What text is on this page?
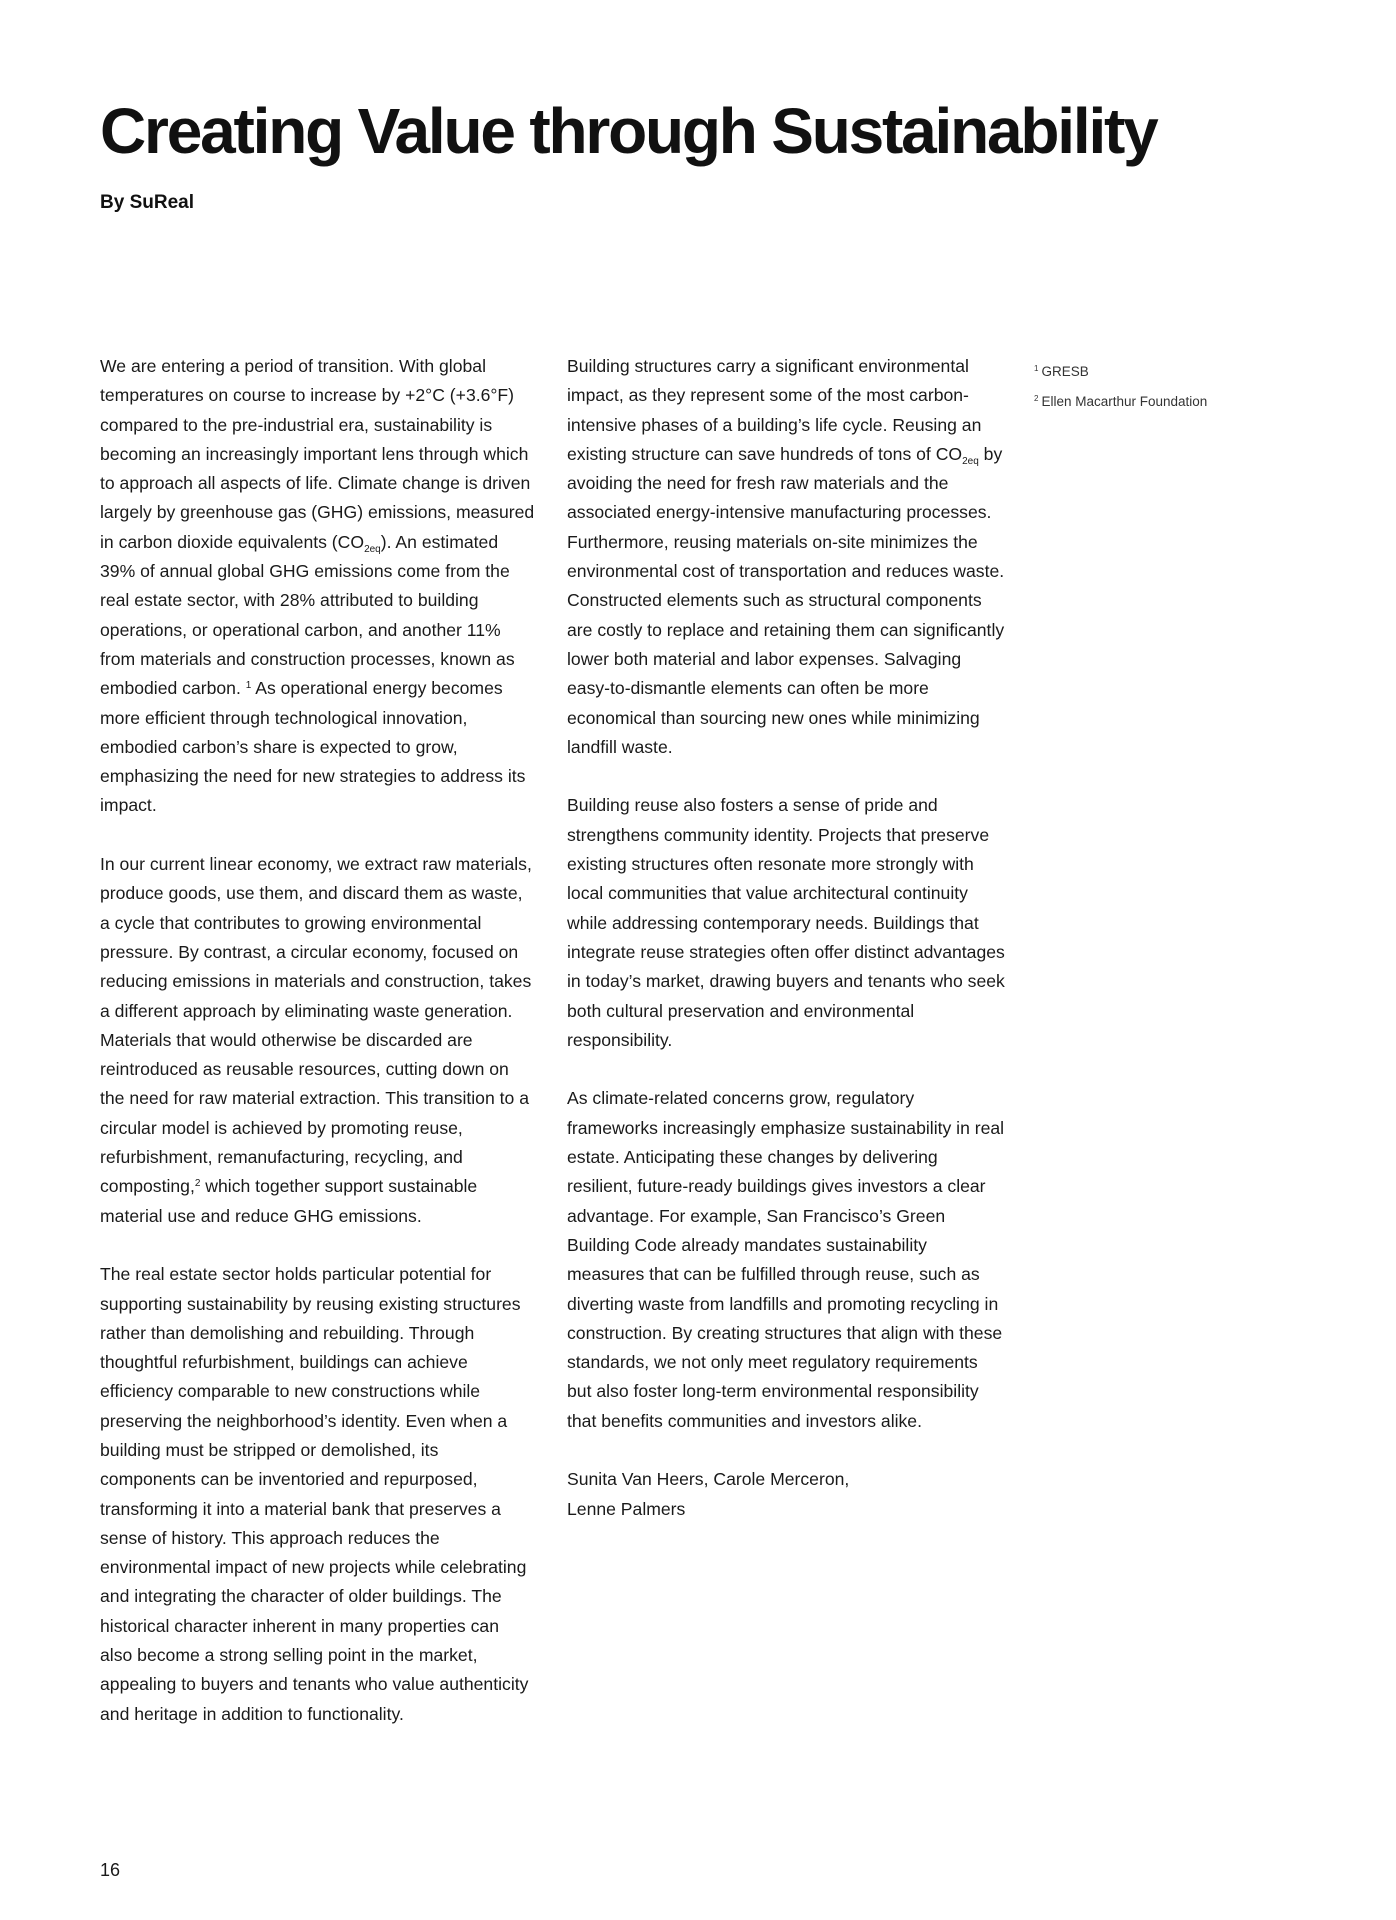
Creating Value through Sustainability
By SuReal

We are entering a period of transition. With global temperatures on course to increase by +2°C (+3.6°F) compared to the pre-industrial era, sustainability is becoming an increasingly important lens through which to approach all aspects of life. Climate change is driven largely by greenhouse gas (GHG) emissions, measured in carbon dioxide equivalents $(CO_{2eq})$. An estimated 39% of annual global GHG emissions come from the real estate sector, with 28% attributed to building operations, or operational carbon, and another 11% from materials and construction processes, known as embodied carbon. $^1$ As operational energy becomes more efficient through technological innovation, embodied carbon’s share is expected to grow, emphasizing the need for new strategies to address its impact.

In our current linear economy, we extract raw materials, produce goods, use them, and discard them as waste, a cycle that contributes to growing environmental pressure. By contrast, a circular economy, focused on reducing emissions in materials and construction, takes a different approach by eliminating waste generation. Materials that would otherwise be discarded are reintroduced as reusable resources, cutting down on the need for raw material extraction. This transition to a circular model is achieved by promoting reuse, refurbishment, remanufacturing, recycling, and composting,$^2$ which together support sustainable material use and reduce GHG emissions.

The real estate sector holds particular potential for supporting sustainability by reusing existing structures rather than demolishing and rebuilding. Through thoughtful refurbishment, buildings can achieve efficiency comparable to new constructions while preserving the neighborhood’s identity. Even when a building must be stripped or demolished, its components can be inventoried and repurposed, transforming it into a material bank that preserves a sense of history. This approach reduces the environmental impact of new projects while celebrating and integrating the character of older buildings. The historical character inherent in many properties can also become a strong selling point in the market, appealing to buyers and tenants who value authenticity and heritage in addition to functionality.

Building structures carry a significant environmental impact, as they represent some of the most carbon-intensive phases of a building’s life cycle. Reusing an existing structure can save hundreds of tons of $CO_{2eq}$ by avoiding the need for fresh raw materials and the associated energy-intensive manufacturing processes. Furthermore, reusing materials on-site minimizes the environmental cost of transportation and reduces waste. Constructed elements such as structural components are costly to replace and retaining them can significantly lower both material and labor expenses. Salvaging easy-to-dismantle elements can often be more economical than sourcing new ones while minimizing landfill waste.

Building reuse also fosters a sense of pride and strengthens community identity. Projects that preserve existing structures often resonate more strongly with local communities that value architectural continuity while addressing contemporary needs. Buildings that integrate reuse strategies often offer distinct advantages in today’s market, drawing buyers and tenants who seek both cultural preservation and environmental responsibility.

As climate-related concerns grow, regulatory frameworks increasingly emphasize sustainability in real estate. Anticipating these changes by delivering resilient, future-ready buildings gives investors a clear advantage. For example, San Francisco’s Green Building Code already mandates sustainability measures that can be fulfilled through reuse, such as diverting waste from landfills and promoting recycling in construction. By creating structures that align with these standards, we not only meet regulatory requirements but also foster long-term environmental responsibility that benefits communities and investors alike.

Sunita Van Heers, Carole Merceron,
Lenne Palmers

$^1$ GRESB
$^2$ Ellen Macarthur Foundation
16
